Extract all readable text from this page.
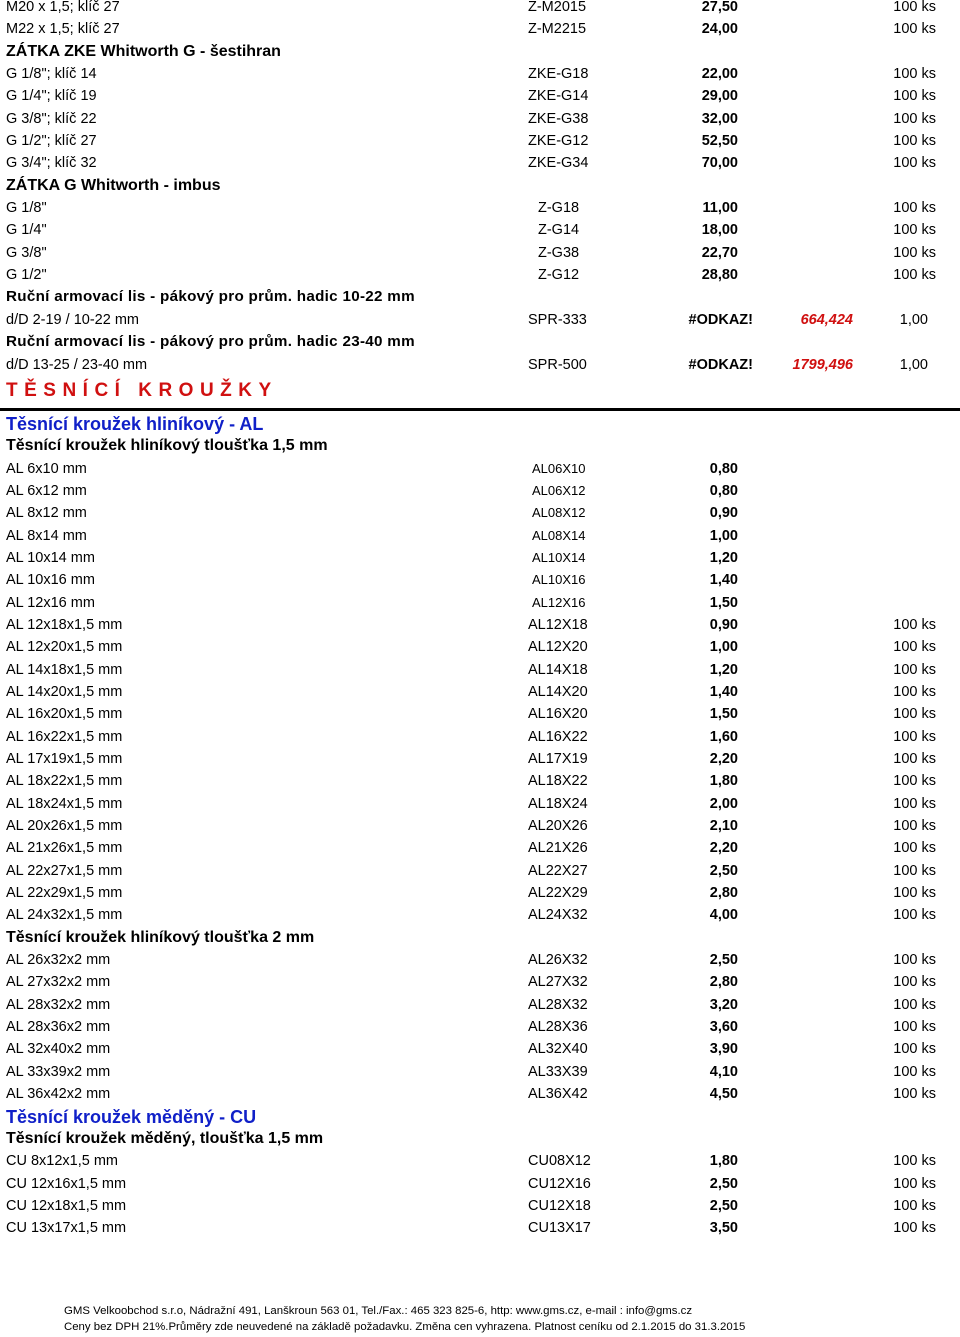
M20 x 1,5; klíč 27	Z-M2015	27,50	100 ks
M22 x 1,5; klíč 27	Z-M2215	24,00	100 ks
ZÁTKA ZKE Whitworth G - šestihran
G 1/8"; klíč 14	ZKE-G18	22,00	100 ks
G 1/4"; klíč 19	ZKE-G14	29,00	100 ks
G 3/8"; klíč 22	ZKE-G38	32,00	100 ks
G 1/2"; klíč 27	ZKE-G12	52,50	100 ks
G 3/4"; klíč 32	ZKE-G34	70,00	100 ks
ZÁTKA G Whitworth - imbus
G 1/8"	Z-G18	11,00	100 ks
G 1/4"	Z-G14	18,00	100 ks
G 3/8"	Z-G38	22,70	100 ks
G 1/2"	Z-G12	28,80	100 ks
Ruční armovací lis - pákový pro prům. hadic 10-22 mm
d/D 2-19 / 10-22 mm	SPR-333	#ODKAZ!	664,424	1,00
Ruční armovací lis - pákový pro prům. hadic 23-40 mm
d/D 13-25 / 23-40 mm	SPR-500	#ODKAZ!	1799,496	1,00
TĚSNÍCÍ KROUŽKY
Těsnící kroužek hliníkový - AL
Těsnící kroužek hliníkový tloušťka 1,5 mm
AL 6x10 mm	AL06X10	0,80
AL 6x12 mm	AL06X12	0,80
AL 8x12 mm	AL08X12	0,90
AL 8x14 mm	AL08X14	1,00
AL 10x14 mm	AL10X14	1,20
AL 10x16 mm	AL10X16	1,40
AL 12x16 mm	AL12X16	1,50
AL 12x18x1,5 mm	AL12X18	0,90	100 ks
AL 12x20x1,5 mm	AL12X20	1,00	100 ks
AL 14x18x1,5 mm	AL14X18	1,20	100 ks
AL 14x20x1,5 mm	AL14X20	1,40	100 ks
AL 16x20x1,5 mm	AL16X20	1,50	100 ks
AL 16x22x1,5 mm	AL16X22	1,60	100 ks
AL 17x19x1,5 mm	AL17X19	2,20	100 ks
AL 18x22x1,5 mm	AL18X22	1,80	100 ks
AL 18x24x1,5 mm	AL18X24	2,00	100 ks
AL 20x26x1,5 mm	AL20X26	2,10	100 ks
AL 21x26x1,5 mm	AL21X26	2,20	100 ks
AL 22x27x1,5 mm	AL22X27	2,50	100 ks
AL 22x29x1,5 mm	AL22X29	2,80	100 ks
AL 24x32x1,5 mm	AL24X32	4,00	100 ks
Těsnící kroužek hliníkový tloušťka 2 mm
AL 26x32x2 mm	AL26X32	2,50	100 ks
AL 27x32x2 mm	AL27X32	2,80	100 ks
AL 28x32x2 mm	AL28X32	3,20	100 ks
AL 28x36x2 mm	AL28X36	3,60	100 ks
AL 32x40x2 mm	AL32X40	3,90	100 ks
AL 33x39x2 mm	AL33X39	4,10	100 ks
AL 36x42x2 mm	AL36X42	4,50	100 ks
Těsnící kroužek měděný - CU
Těsnící kroužek měděný, tloušťka 1,5 mm
CU 8x12x1,5 mm	CU08X12	1,80	100 ks
CU 12x16x1,5 mm	CU12X16	2,50	100 ks
CU 12x18x1,5 mm	CU12X18	2,50	100 ks
CU 13x17x1,5 mm	CU13X17	3,50	100 ks
GMS Velkoobchod s.r.o, Nádražní 491, Lanškroun 563 01, Tel./Fax.: 465 323 825-6, http: www.gms.cz, e-mail : info@gms.cz
Ceny bez DPH 21%.Průměry zde neuvedené na základě požadavku. Změna cen vyhrazena. Platnost ceníku od 2.1.2015 do 31.3.2015
